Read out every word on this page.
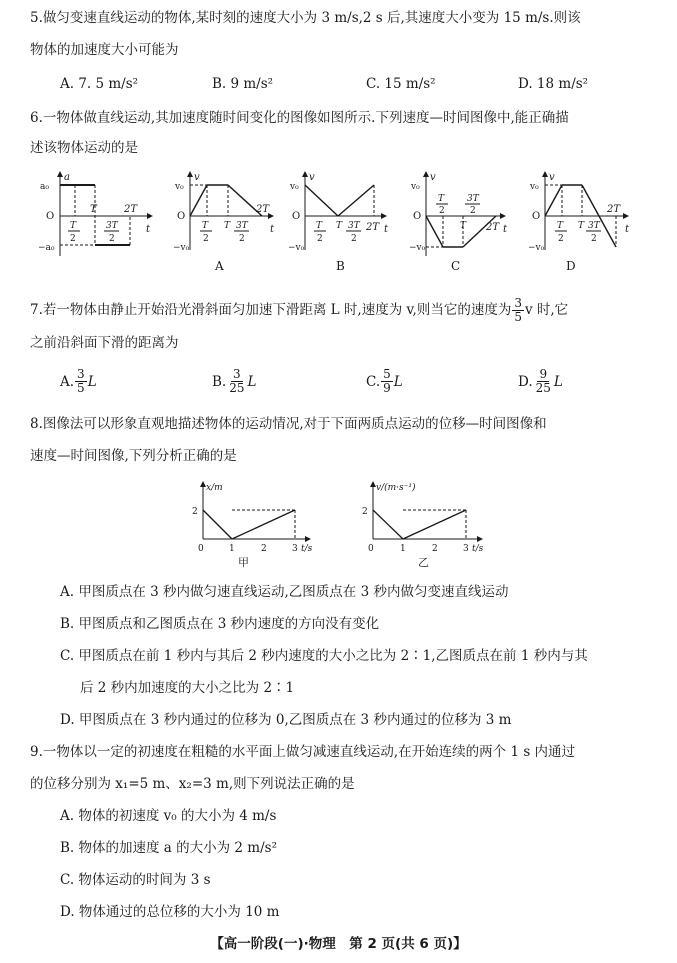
5.做匀变速直线运动的物体,某时刻的速度大小为 3 m/s,2 s 后,其速度大小变为 15 m/s.则该
物体的加速度大小可能为
A. 7. 5 m/s²	B. 9 m/s²	C. 15 m/s²	D. 18 m/s²
6.一物体做直线运动,其加速度随时间变化的图像如图所示.下列速度—时间图像中,能正确描
述该物体运动的是
a
a₀
O
−a₀
T	2T
t
T
2
3T
2
v
v₀
O
−v₀
T
2T
t
T
2
3T
2
A
v
v₀
O
−v₀
T 2T t
T
2
3T
2
B
v
v₀
O
−v₀
T 2T t
T
2
3T
2
C
v
v₀
O
−v₀
T
2T
t
T
2
3T
2
D
7.若一物体由静止开始沿光滑斜面匀加速下滑距离 L 时,速度为 v,则当它的速度为 $\frac{3}{5}$ v 时,它
之前沿斜面下滑的距离为
A. $\frac{3}{5}$ L	B. $\frac{3}{25}$ L	C. $\frac{5}{9}$ L	D. $\frac{9}{25}$ L
8.图像法可以形象直观地描述物体的运动情况,对于下面两质点运动的位移—时间图像和
速度—时间图像,下列分析正确的是
x/m
2
0	1	2	3 t/s
甲
v/(m·s⁻¹)
2
0	1	2	3 t/s
乙
A. 甲图质点在 3 秒内做匀速直线运动,乙图质点在 3 秒内做匀变速直线运动
B. 甲图质点和乙图质点在 3 秒内速度的方向没有变化
C. 甲图质点在前 1 秒内与其后 2 秒内速度的大小之比为 2∶1,乙图质点在前 1 秒内与其
后 2 秒内加速度的大小之比为 2∶1
D. 甲图质点在 3 秒内通过的位移为 0,乙图质点在 3 秒内通过的位移为 3 m
9.一物体以一定的初速度在粗糙的水平面上做匀减速直线运动,在开始连续的两个 1 s 内通过
的位移分别为 x₁=5 m、x₂=3 m,则下列说法正确的是
A. 物体的初速度 v₀ 的大小为 4 m/s
B. 物体的加速度 a 的大小为 2 m/s²
C. 物体运动的时间为 3 s
D. 物体通过的总位移的大小为 10 m
【高一阶段(一)·物理　第 2 页(共 6 页)】
